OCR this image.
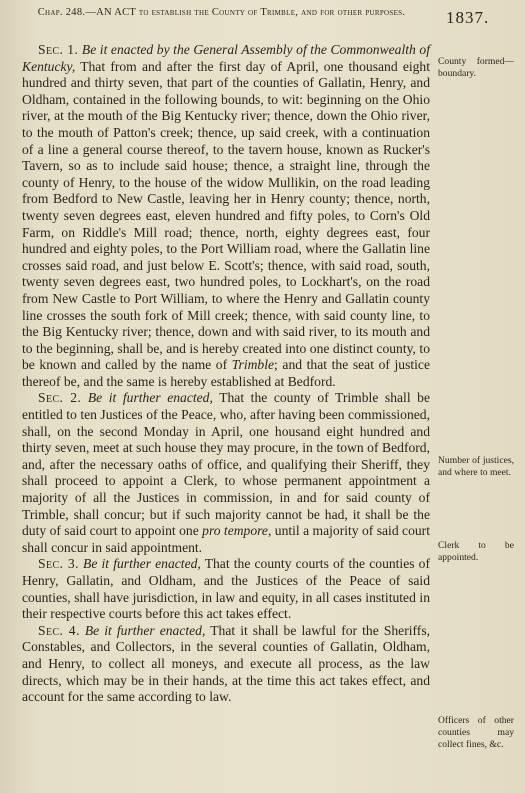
Chap. 248.—AN ACT to establish the County of Trimble, and for other purposes.	1837.

Sec. 1. Be it enacted by the General Assembly of the Commonwealth of Kentucky, That from and after the first day of April, one thousand eight hundred and thirty seven, that part of the counties of Gallatin, Henry, and Oldham, contained in the following bounds, to wit: beginning on the Ohio river, at the mouth of the Big Kentucky river; thence, down the Ohio river, to the mouth of Patton's creek; thence, up said creek, with a continuation of a line a general course thereof, to the tavern house, known as Rucker's Tavern, so as to include said house; thence, a straight line, through the county of Henry, to the house of the widow Mullikin, on the road leading from Bedford to New Castle, leaving her in Henry county; thence, north, twenty seven degrees east, eleven hundred and fifty poles, to Corn's Old Farm, on Riddle's Mill road; thence, north, eighty degrees east, four hundred and eighty poles, to the Port William road, where the Gallatin line crosses said road, and just below E. Scott's; thence, with said road, south, twenty seven degrees east, two hundred poles, to Lockhart's, on the road from New Castle to Port William, to where the Henry and Gallatin county line crosses the south fork of Mill creek; thence, with said county line, to the Big Kentucky river; thence, down and with said river, to its mouth and to the beginning, shall be, and is hereby created into one distinct county, to be known and called by the name of Trimble; and that the seat of justice thereof be, and the same is hereby established at Bedford.

Sec. 2. Be it further enacted, That the county of Trimble shall be entitled to ten Justices of the Peace, who, after having been commissioned, shall, on the second Monday in April, one housand eight hundred and thirty seven, meet at such house they may procure, in the town of Bedford, and, after the necessary oaths of office, and qualifying their Sheriff, they shall proceed to appoint a Clerk, to whose permanent appointment a majority of all the Justices in commission, in and for said county of Trimble, shall concur; but if such majority cannot be had, it shall be the duty of said court to appoint one pro tempore, until a majority of said court shall concur in said appointment.

Sec. 3. Be it further enacted, That the county courts of the counties of Henry, Gallatin, and Oldham, and the Justices of the Peace of said counties, shall have jurisdiction, in law and equity, in all cases instituted in their respective courts before this act takes effect.

Sec. 4. Be it further enacted, That it shall be lawful for the Sheriffs, Constables, and Collectors, in the several counties of Gallatin, Oldham, and Henry, to collect all moneys, and execute all process, as the law directs, which may be in their hands, at the time this act takes effect, and account for the same according to law.

County formed—boundary.
Number of justices, and where to meet.
Clerk to be appointed.
Officers of other counties may collect fines, &c.
